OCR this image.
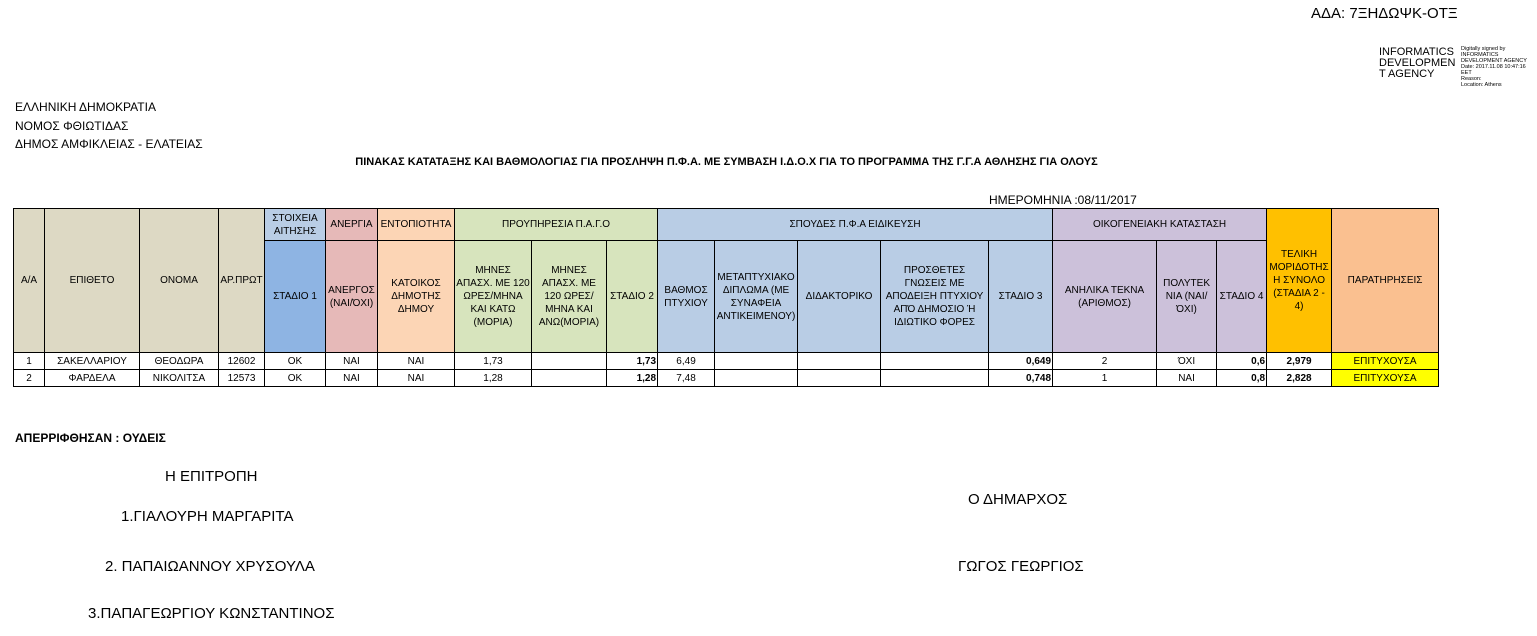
ΑΔΑ: 7ΞΗΔΩΨΚ-ΟΤΞ
INFORMATICS
DEVELOPMEN
T AGENCY
Digitally signed by
INFORMATICS
DEVELOPMENT AGENCY
Date: 2017.11.08 10:47:16
EET
Reason:
Location: Athens
ΕΛΛΗΝΙΚΗ ΔΗΜΟΚΡΑΤΙΑ
ΝΟΜΟΣ ΦΘΙΩΤΙΔΑΣ
ΔΗΜΟΣ ΑΜΦΙΚΛΕΙΑΣ - ΕΛΑΤΕΙΑΣ
ΠΙΝΑΚΑΣ ΚΑΤΑΤΑΞΗΣ ΚΑΙ ΒΑΘΜΟΛΟΓΙΑΣ ΓΙΑ ΠΡΟΣΛΗΨΗ Π.Φ.Α. ΜΕ ΣΥΜΒΑΣΗ Ι.Δ.Ο.Χ ΓΙΑ ΤΟ ΠΡΟΓΡΑΜΜΑ ΤΗΣ Γ.Γ.Α ΑΘΛΗΣΗΣ ΓΙΑ ΟΛΟΥΣ
ΗΜΕΡΟΜΗΝΙΑ :08/11/2017
Α/Α	ΕΠΙΘΕΤΟ	ΟΝΟΜΑ	ΑΡ.ΠΡΩΤ	ΣΤΟΙΧΕΙΑ ΑΙΤΗΣΗΣ	ΑΝΕΡΓΙΑ	ΕΝΤΟΠΙΟΤΗΤΑ	ΠΡΟΥΠΗΡΕΣΙΑ Π.Α.Γ.Ο			ΣΠΟΥΔΕΣ Π.Φ.Α ΕΙΔΙΚΕΥΣΗ					ΟΙΚΟΓΕΝΕΙΑΚΗ ΚΑΤΑΣΤΑΣΗ			ΤΕΛΙΚΗ ΜΟΡΙΔΟΤΗΣ Η ΣΥΝΟΛΟ (ΣΤΑΔΙΑ 2 - 4)	ΠΑΡΑΤΗΡΗΣΕΙΣ
				ΣΤΑΔΙΟ 1	ΑΝΕΡΓΟΣ (ΝΑΙ/ΌΧΙ)	ΚΑΤΟΙΚΟΣ ΔΗΜΟΤΗΣ ΔΗΜΟΥ	ΜΗΝΕΣ ΑΠΑΣΧ. ΜΕ 120 ΩΡΕΣ/ΜΗΝΑ ΚΑΙ ΚΑΤΩ (ΜΟΡΙΑ)	ΜΗΝΕΣ ΑΠΑΣΧ. ΜΕ 120 ΩΡΕΣ/ΜΗΝΑ ΚΑΙ ΑΝΩ(ΜΟΡΙΑ)	ΣΤΑΔΙΟ 2	ΒΑΘΜΟΣ ΠΤΥΧΙΟΥ	ΜΕΤΑΠΤΥΧΙΑΚΟ ΔΙΠΛΩΜΑ (ΜΕ ΣΥΝΑΦΕΙΑ ΑΝΤΙΚΕΙΜΕΝΟΥ)	ΔΙΔΑΚΤΟΡΙΚΟ	ΠΡΟΣΘΕΤΕΣ ΓΝΩΣΕΙΣ ΜΕ ΑΠΟΔΕΙΞΗ ΠΤΥΧΙΟΥ ΑΠΌ ΔΗΜΟΣΙΟ Ή ΙΔΙΩΤΙΚΟ ΦΟΡΕΣ	ΣΤΑΔΙΟ 3	ΑΝΗΛΙΚΑ ΤΕΚΝΑ (ΑΡΙΘΜΟΣ)	ΠΟΛΥΤΕΚ ΝΙΑ (ΝΑΙ/ΌΧΙ)	ΣΤΑΔΙΟ 4		
1	ΣΑΚΕΛΛΑΡΙΟΥ	ΘΕΟΔΩΡΑ	12602	ΟΚ	ΝΑΙ	ΝΑΙ	1,73		1,73	6,49				0,649	2	ΌΧΙ	0,6	2,979	ΕΠΙΤΥΧΟΥΣΑ
2	ΦΑΡΔΕΛΑ	ΝΙΚΟΛΙΤΣΑ	12573	ΟΚ	ΝΑΙ	ΝΑΙ	1,28		1,28	7,48				0,748	1	ΝΑΙ	0,8	2,828	ΕΠΙΤΥΧΟΥΣΑ
ΑΠΕΡΡΙΦΘΗΣΑΝ : ΟΥΔΕΙΣ
Η ΕΠΙΤΡΟΠΗ
1.ΓΙΑΛΟΥΡΗ ΜΑΡΓΑΡΙΤΑ
2. ΠΑΠΑΙΩΑΝΝΟΥ ΧΡΥΣΟΥΛΑ
3.ΠΑΠΑΓΕΩΡΓΙΟΥ ΚΩΝΣΤΑΝΤΙΝΟΣ
Ο ΔΗΜΑΡΧΟΣ
ΓΩΓΟΣ ΓΕΩΡΓΙΟΣ
